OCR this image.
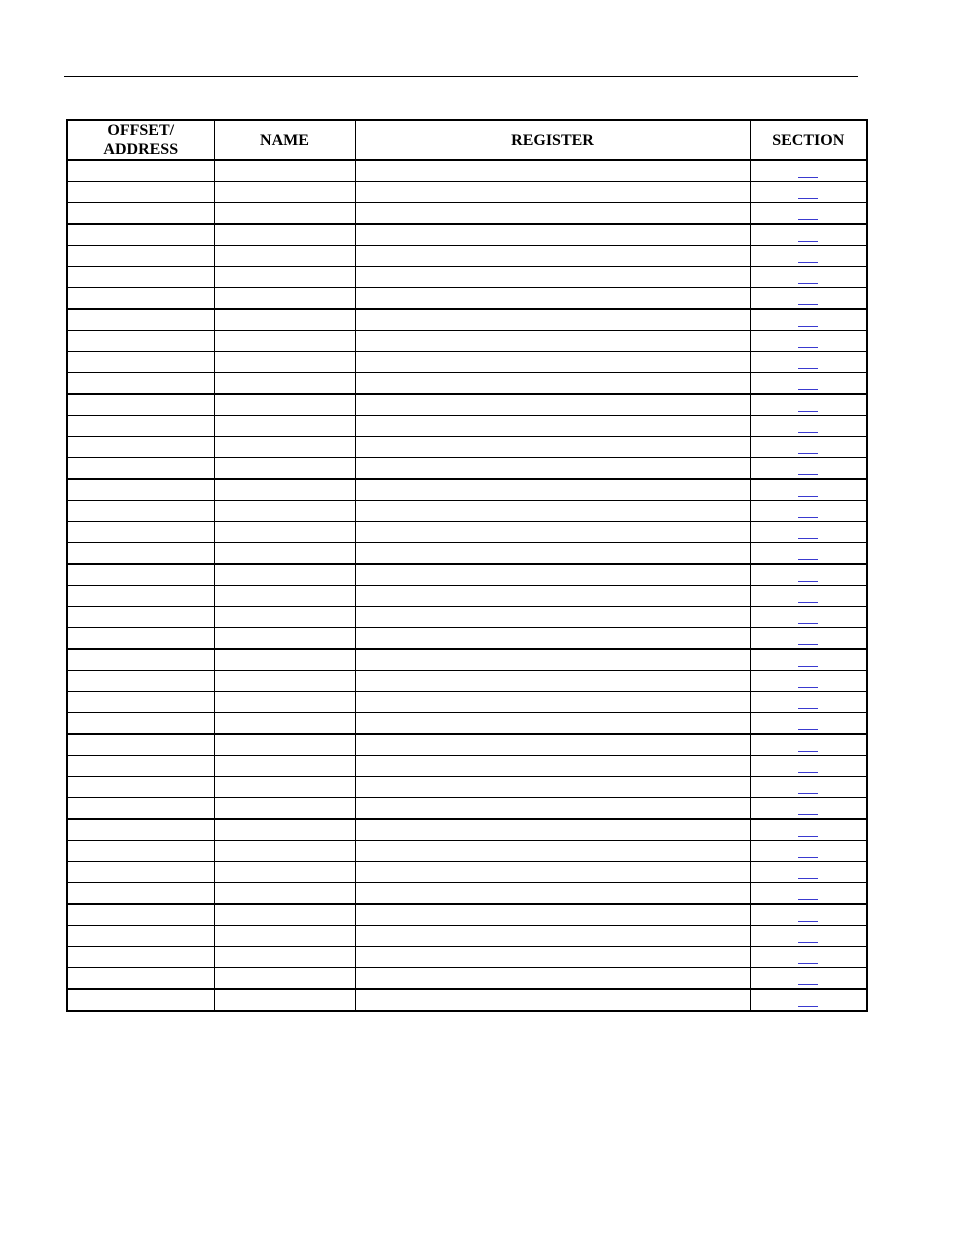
OFFSET/
ADDRESS	NAME	REGISTER	SECTION
